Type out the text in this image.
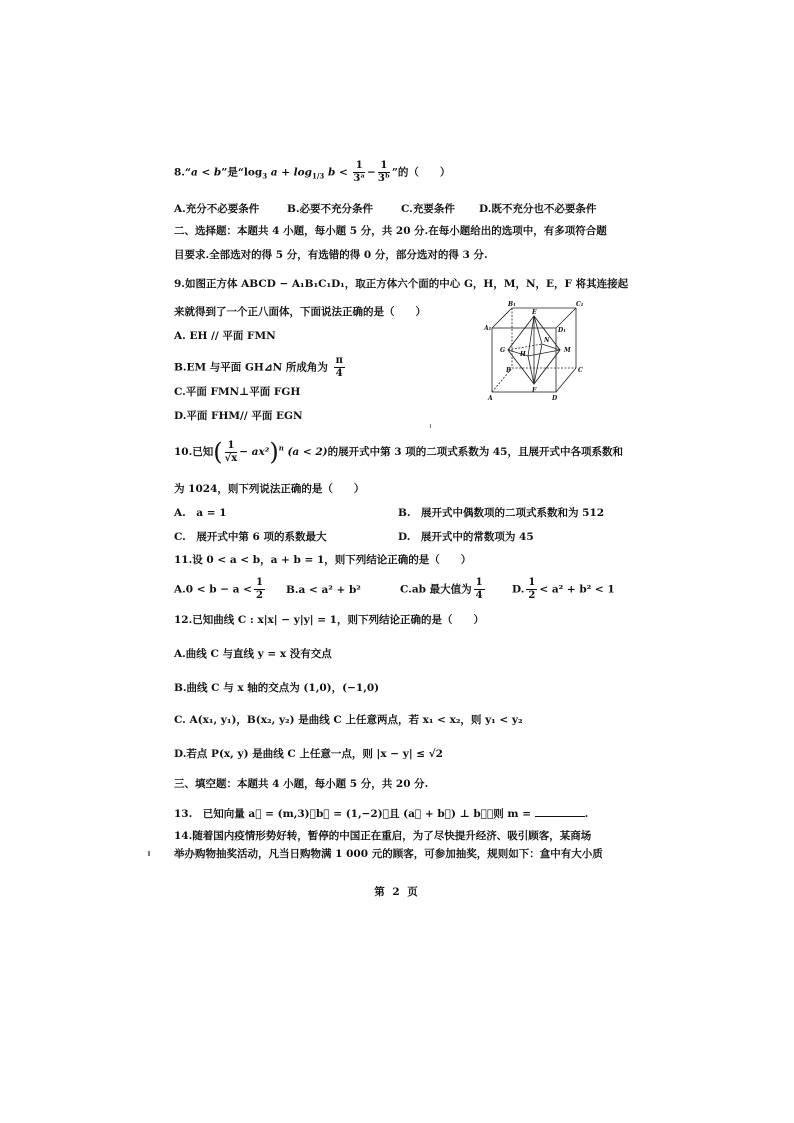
8.“a < b”是“$\log_3$ $a + \log_{1/3} b < \frac{1}{\text{3ᵃ}} - \frac{1}{\text{3ᵇ}}$ ”的（　　）
A.充分不必要条件	B.必要不充分条件	C.充要条件 D.既不充分也不必要条件
二、选择题：本题共 4 小题，每小题 5 分，共 20 分.在每小题给出的选项中，有多项符合题
目要求.全部选对的得 5 分，有选错的得 0 分，部分选对的得 3 分.
9.如图正方体 ABCD − A₁B₁C₁D₁，取正方体六个面的中心 G，H，M，N，E，F 将其连接起
来就得到了一个正八面体，下面说法正确的是（　　）
A. EH // 平面 FMN
B.EM 与平面 GH⊿N 所成角为 $\frac{\pi}{4}$
C.平面 FMN⊥平面 FGH
D.平面 FHM// 平面 EGN
B₁	C₁
A₁	D₁
E
N
G
H
M
F
B	C
A	D
10.已知( $\frac{1}{√x} - ax^2)^n$ (a < 2)的展开式中第 3 项的二项式系数为 45，且展开式中各项系数和
为 1024，则下列说法正确的是（　　）
A.　a = 1	B.　展开式中偶数项的二项式系数和为 512
C.　展开式中第 6 项的系数最大	D.　展开式中的常数项为 45
11.设 0 < a < b，a + b = 1，则下列结论正确的是（　　）
$A.0 < b - a < \frac{1}{2} B.a < a^2 + b^2$	C.ab 最大值为 $\frac{1}{4}$	D. $\frac{1}{2} < a^2 + b^2 < 1$
12.已知曲线 C : x|x| − y|y| = 1，则下列结论正确的是（　　）
A.曲线 C 与直线 y = x 没有交点
B.曲线 C 与 x 轴的交点为 (1,0)，(−1,0)
C. A(x₁, y₁)，B(x₂, y₂) 是曲线 C 上任意两点，若 x₁ < x₂，则 y₁ < y₂
D.若点 P(x, y) 是曲线 C 上任意一点，则 |x − y| ≤ √2
三、填空题：本题共 4 小题，每小题 5 分，共 20 分.
13.　已知向量 a⃗ = (m,3)，b⃗ = (1,−2)，且 (a⃗ + b⃗) ⊥ b⃗，则 m =	.
14.随着国内疫情形势好转，暂停的中国正在重启，为了尽快提升经济、吸引顾客，某商场
举办购物抽奖活动，凡当日购物满 1 000 元的顾客，可参加抽奖，规则如下：盒中有大小质
第 2 页
